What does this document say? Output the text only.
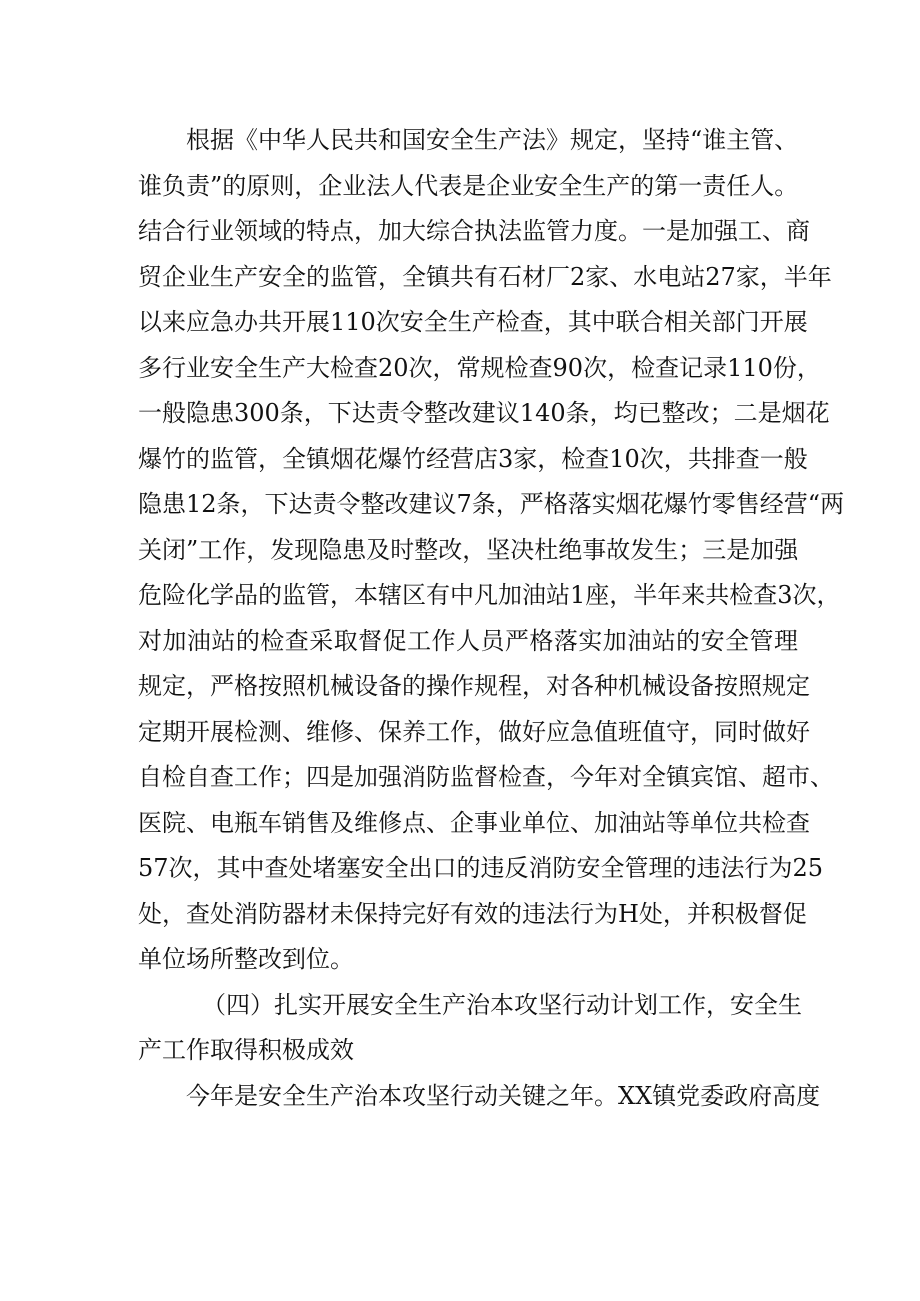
根据《中华人民共和国安全生产法》规定，坚持“谁主管、
谁负责”的原则，企业法人代表是企业安全生产的第一责任人。
结合行业领域的特点，加大综合执法监管力度。一是加强工、商
贸企业生产安全的监管，全镇共有石材厂2家、水电站27家，半年
以来应急办共开展110次安全生产检查，其中联合相关部门开展
多行业安全生产大检查20次，常规检查90次，检查记录110份，
一般隐患300条，下达责令整改建议140条，均已整改；二是烟花
爆竹的监管，全镇烟花爆竹经营店3家，检查10次，共排查一般
隐患12条，下达责令整改建议7条，严格落实烟花爆竹零售经营“两
关闭”工作，发现隐患及时整改，坚决杜绝事故发生；三是加强
危险化学品的监管，本辖区有中凡加油站1座，半年来共检查3次，
对加油站的检查采取督促工作人员严格落实加油站的安全管理
规定，严格按照机械设备的操作规程，对各种机械设备按照规定
定期开展检测、维修、保养工作，做好应急值班值守，同时做好
自检自查工作；四是加强消防监督检查，今年对全镇宾馆、超市、
医院、电瓶车销售及维修点、企事业单位、加油站等单位共检查
57次，其中查处堵塞安全出口的违反消防安全管理的违法行为25
处，查处消防器材未保持完好有效的违法行为H处，并积极督促
单位场所整改到位。
（四）扎实开展安全生产治本攻坚行动计划工作，安全生
产工作取得积极成效
今年是安全生产治本攻坚行动关键之年。XX镇党委政府高度
